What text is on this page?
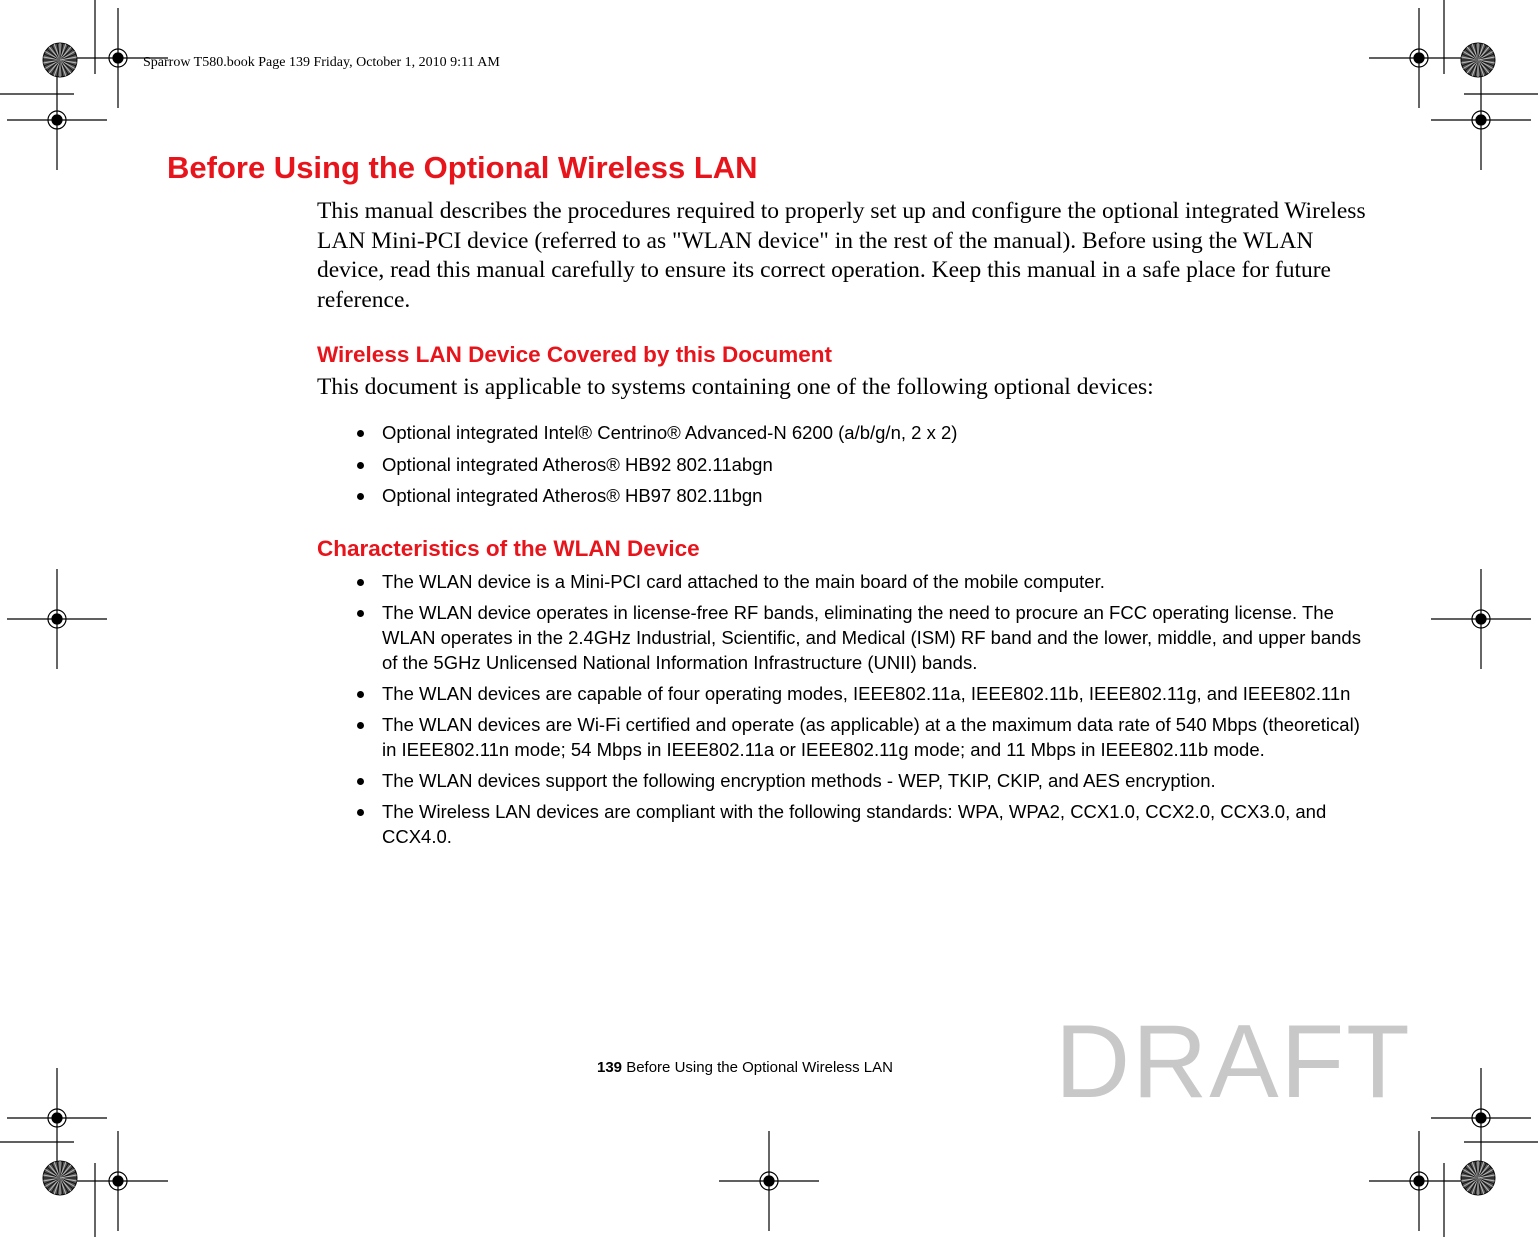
Sparrow T580.book Page 139 Friday, October 1, 2010 9:11 AM
Before Using the Optional Wireless LAN

This manual describes the procedures required to properly set up and configure the optional integrated Wireless LAN Mini-PCI device (referred to as "WLAN device" in the rest of the manual). Before using the WLAN device, read this manual carefully to ensure its correct operation. Keep this manual in a safe place for future reference.

Wireless LAN Device Covered by this Document

This document is applicable to systems containing one of the following optional devices:

Optional integrated Intel® Centrino® Advanced-N 6200 (a/b/g/n, 2 x 2)
Optional integrated Atheros® HB92 802.11abgn
Optional integrated Atheros® HB97 802.11bgn
Characteristics of the WLAN Device
The WLAN device is a Mini-PCI card attached to the main board of the mobile computer.
The WLAN device operates in license-free RF bands, eliminating the need to procure an FCC operating license. The WLAN operates in the 2.4GHz Industrial, Scientific, and Medical (ISM) RF band and the lower, middle, and upper bands of the 5GHz Unlicensed National Information Infrastructure (UNII) bands.
The WLAN devices are capable of four operating modes, IEEE802.11a, IEEE802.11b, IEEE802.11g, and IEEE802.11n
The WLAN devices are Wi-Fi certified and operate (as applicable) at a the maximum data rate of 540 Mbps (theoretical) in IEEE802.11n mode; 54 Mbps in IEEE802.11a or IEEE802.11g mode; and 11 Mbps in IEEE802.11b mode.
The WLAN devices support the following encryption methods - WEP, TKIP, CKIP, and AES encryption.
The Wireless LAN devices are compliant with the following standards: WPA, WPA2, CCX1.0, CCX2.0, CCX3.0, and CCX4.0.
139 Before Using the Optional Wireless LAN DRAFT
